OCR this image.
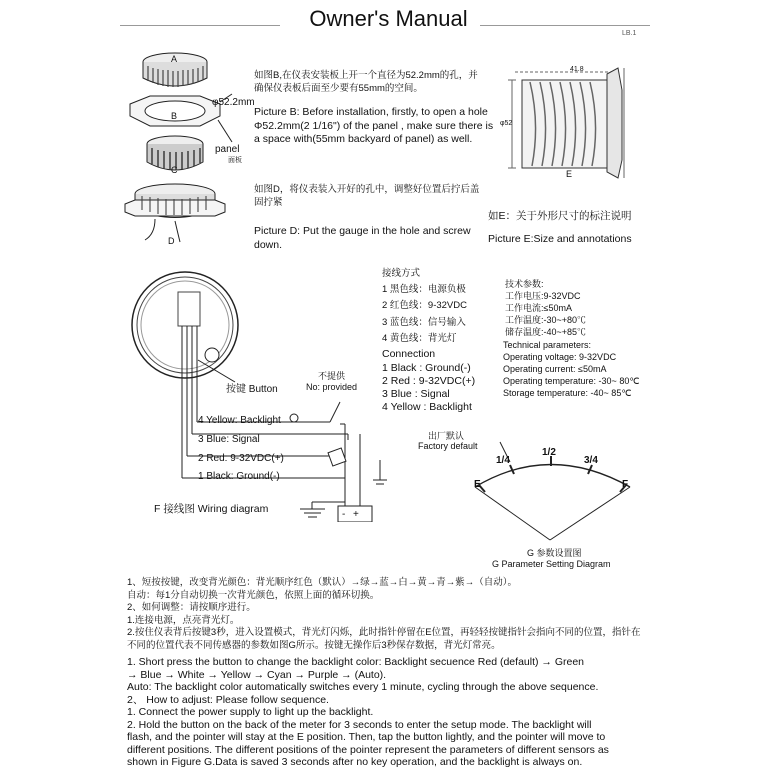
Owner's Manual
LB.1
A
B
C
D
φ52.2mm
panel
面板
如图B,在仪表安装板上开一个直径为52.2mm的孔，并确保仪表板后面至少要有55mm的空间。
Picture B: Before installation, firstly, to open a hole Φ52.2mm(2 1/16") of the panel , make sure there is a space with(55mm backyard of panel) as well.
如图D，将仪表装入开好的孔中，调整好位置后拧后盖固拧紧
Picture D: Put the gauge in the hole and screw down.
41.8
φ52
E
如E：关于外形尺寸的标注说明
Picture E:Size and annotations
按键 Button
不提供
No: provided
4 Yellow: Backlight
3 Blue: Signal
2 Red: 9-32VDC(+)
1 Black: Ground(-)
- +
F 接线图 Wiring diagram
接线方式
1 黑色线：电源负极
2 红色线：9-32VDC
3 蓝色线：信号输入
4 黄色线：背光灯
Connection
1 Black : Ground(-)
2 Red : 9-32VDC(+)
3 Blue : Signal
4 Yellow : Backlight
技术参数:
工作电压:9-32VDC
工作电流:≤50mA
工作温度:-30~+80℃
储存温度:-40~+85℃
Technical parameters:
Operating voltage: 9-32VDC
Operating current: ≤50mA
Operating temperature: -30~ 80℃
Storage temperature: -40~ 85℃
出厂默认
Factory default
E
1/4
1/2
3/4
F
G 参数设置图
G Parameter Setting Diagram
1、短按按键，改变背光颜色：背光顺序红色（默认）→绿→蓝→白→黄→青→紫→（自动）。
自动：每1分自动切换一次背光颜色，依照上面的循环切换。
2、如何调整：请按顺序进行。
1.连接电源，点亮背光灯。
2.按住仪表背后按键3秒，进入设置模式，背光灯闪烁，此时指针停留在E位置，再轻轻按键指针会指向不同的位置，指针在
不同的位置代表不同传感器的参数如图G所示。按键无操作后3秒保存数据，背光灯常亮。
1. Short press the button to change the backlight color: Backlight secuence Red (default) → Green
→ Blue → White → Yellow → Cyan → Purple → (Auto).
Auto: The backlight color automatically switches every 1 minute, cycling through the above sequence.
2、 How to adjust: Please follow sequence.
1. Connect the power supply to light up the backlight.
2. Hold the button on the back of the meter for 3 seconds to enter the setup mode. The backlight will
flash, and the pointer will stay at the E position. Then, tap the button lightly, and the pointer will move to
different positions. The different positions of the pointer represent the parameters of different sensors as
shown in Figure G.Data is saved 3 seconds after no key operation, and the backlight is always on.
